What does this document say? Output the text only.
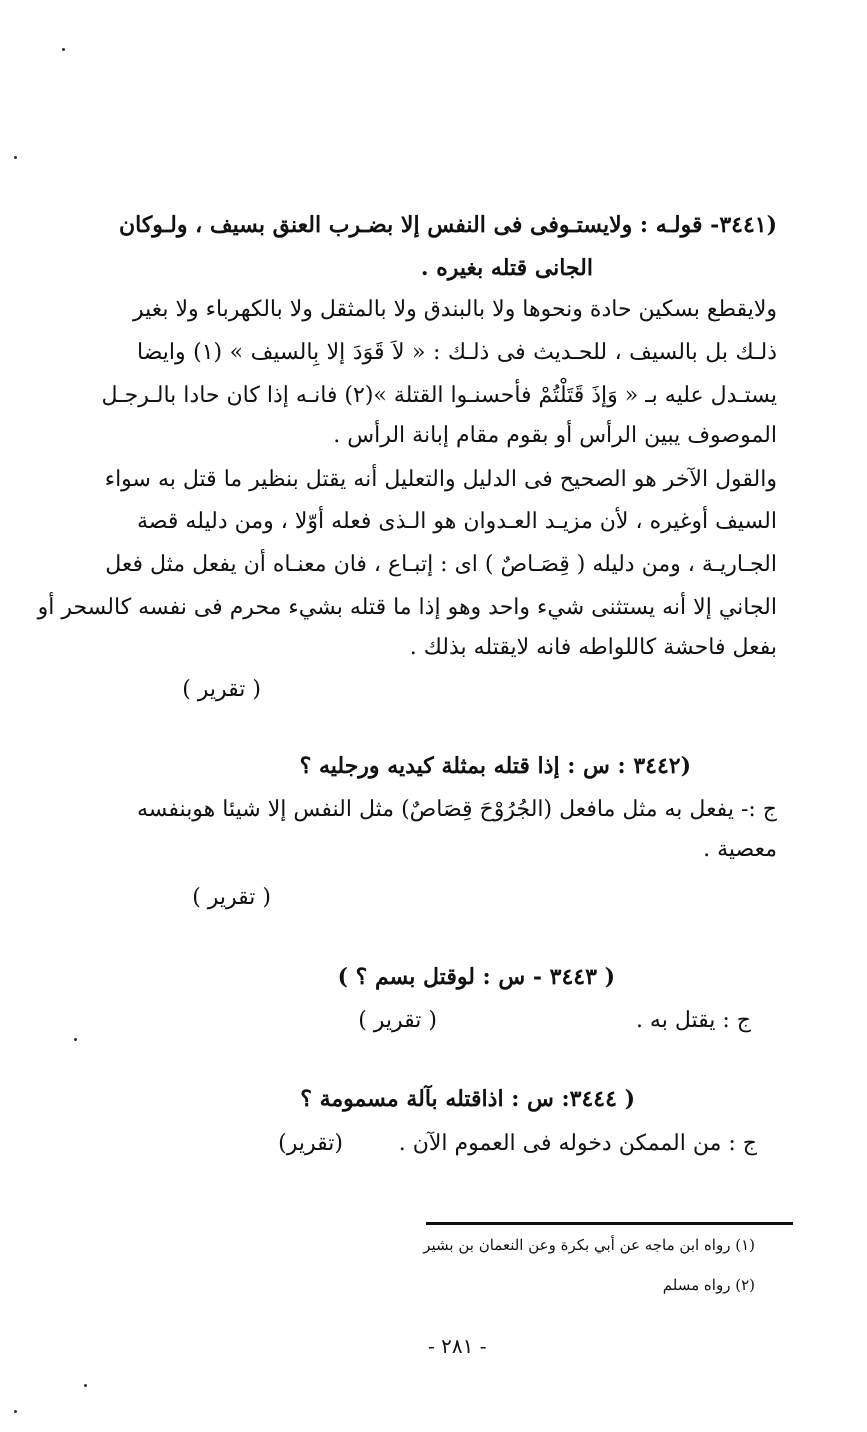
(٣٤٤١- قولـه : ولايستـوفى فى النفس إلا بضـرب العنق بسيف ، ولـوكان
الجانى قتله بغيره .
ولايقطع بسكين حادة ونحوها ولا بالبندق ولا بالمثقل ولا بالكهرباء ولا بغير
ذلـك بل بالسيف ، للحـديث فى ذلـك : « لاَ قَوَدَ إلا بِالسيف » (١) وايضا
يستـدل عليه بـ « وَإذَ قَتَلْتُمْ فأحسنـوا القتلة »(٢) فانـه إذا كان حادا بالـرجـل
الموصوف يبين الرأس أو بقوم مقام إبانة الرأس .
والقول الآخر هو الصحيح فى الدليل والتعليل أنه يقتل بنظير ما قتل به سواء
السيف أوغيره ، لأن مزيـد العـدوان هو الـذى فعله أوّلا ، ومن دليله قصة
الجـاريـة ، ومن دليله ( قِصَـاصٌ ) اى : إتبـاع ، فان معنـاه أن يفعل مثل فعل
الجاني إلا أنه يستثنى شيء واحد وهو إذا ما قتله بشيء محرم فى نفسه كالسحر أو
بفعل فاحشة كاللواطه فانه لايقتله بذلك .
( تقرير )
(٣٤٤٢ : س : إذا قتله بمثلة كيديه ورجليه ؟
ج :- يفعل به مثل مافعل (الجُرُوْحَ قِصَاصٌ) مثل النفس إلا شيئا هوبنفسه
معصية .
( تقرير )
( ٣٤٤٣ - س : لوقتل بسم ؟ )
ج : يقتل به .
( تقرير )
( ٣٤٤٤: س : اذاقتله بآلة مسمومة ؟
ج : من الممكن دخوله فى العموم الآن .
(تقرير)
(١) رواه ابن ماجه عن أبي بكرة وعن النعمان بن بشير
(٢) رواه مسلم
- ٢٨١ -
